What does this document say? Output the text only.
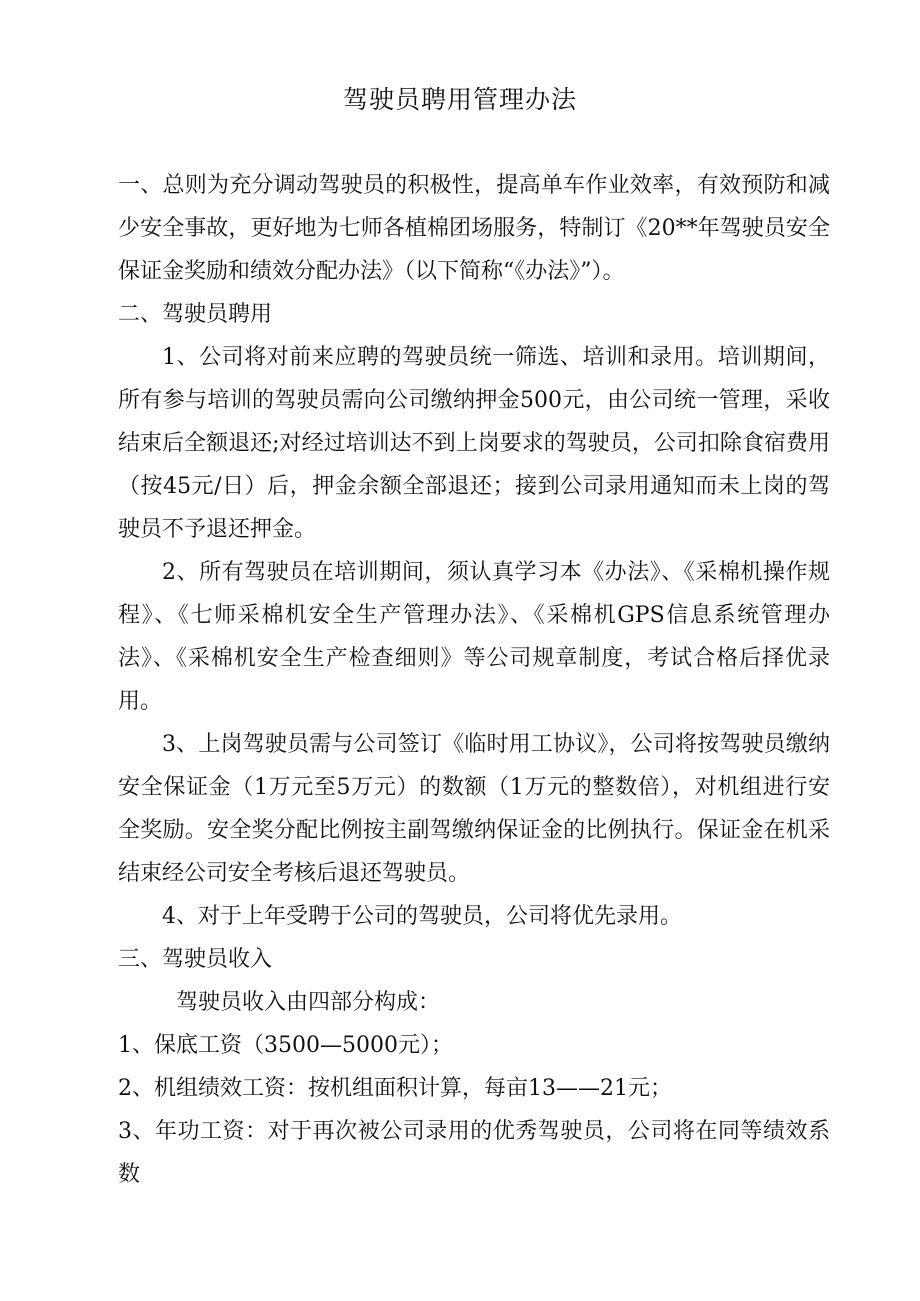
驾驶员聘用管理办法

一、总则为充分调动驾驶员的积极性，提高单车作业效率，有效预防和减少安全事故，更好地为七师各植棉团场服务，特制订《20**年驾驶员安全保证金奖励和绩效分配办法》（以下简称“《办法》”）。

二、驾驶员聘用

1、公司将对前来应聘的驾驶员统一筛选、培训和录用。培训期间，所有参与培训的驾驶员需向公司缴纳押金500元，由公司统一管理，采收结束后全额退还;对经过培训达不到上岗要求的驾驶员，公司扣除食宿费用（按45元/日）后，押金余额全部退还；接到公司录用通知而未上岗的驾驶员不予退还押金。

2、所有驾驶员在培训期间，须认真学习本《办法》、《采棉机操作规程》、《七师采棉机安全生产管理办法》、《采棉机GPS信息系统管理办法》、《采棉机安全生产检查细则》等公司规章制度，考试合格后择优录用。

3、上岗驾驶员需与公司签订《临时用工协议》，公司将按驾驶员缴纳安全保证金（1万元至5万元）的数额（1万元的整数倍），对机组进行安全奖励。安全奖分配比例按主副驾缴纳保证金的比例执行。保证金在机采结束经公司安全考核后退还驾驶员。

4、对于上年受聘于公司的驾驶员，公司将优先录用。

三、驾驶员收入

驾驶员收入由四部分构成：

1、保底工资（3500—5000元）；

2、机组绩效工资：按机组面积计算，每亩13——21元；

3、年功工资：对于再次被公司录用的优秀驾驶员，公司将在同等绩效系数
